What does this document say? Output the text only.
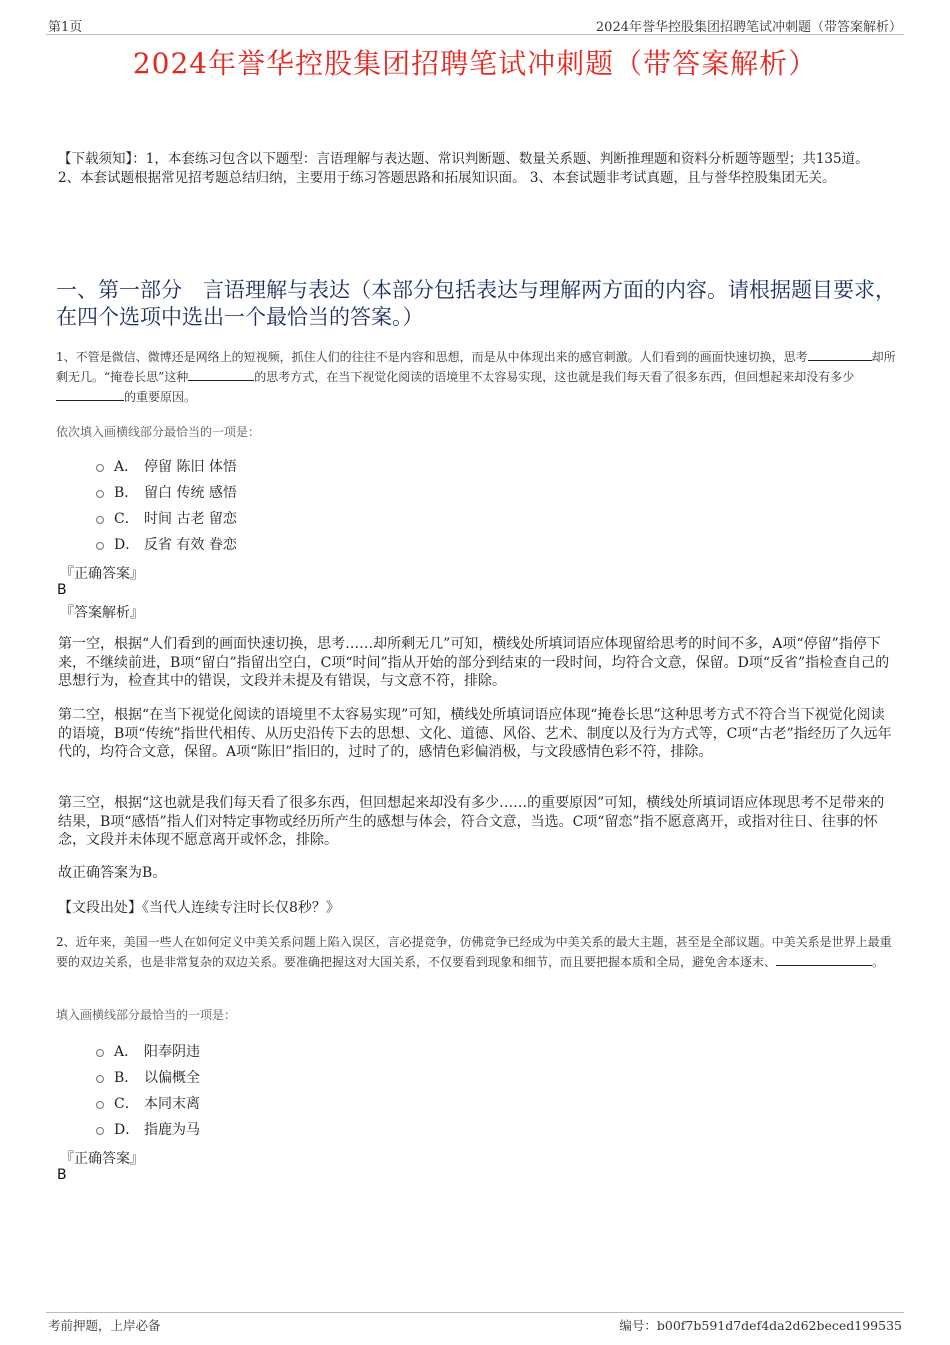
第1页	2024年誉华控股集团招聘笔试冲刺题（带答案解析）
2024年誉华控股集团招聘笔试冲刺题（带答案解析）
【下载须知】：1，本套练习包含以下题型：言语理解与表达题、常识判断题、数量关系题、判断推理题和资料分析题等题型；共135道。 2、本套试题根据常见招考题总结归纳，主要用于练习答题思路和拓展知识面。 3、本套试题非考试真题，且与誉华控股集团无关。
一、第一部分　言语理解与表达（本部分包括表达与理解两方面的内容。请根据题目要求，在四个选项中选出一个最恰当的答案。）
1、不管是微信、微博还是网络上的短视频，抓住人们的往往不是内容和思想，而是从中体现出来的感官刺激。人们看到的画面快速切换，思考	却所剩无几。“掩卷长思”这种	的思考方式，在当下视觉化阅读的语境里不太容易实现，这也就是我们每天看了很多东西，但回想起来却没有多少的重要原因。
依次填入画横线部分最恰当的一项是：
A． 停留 陈旧 体悟
B． 留白 传统 感悟
C． 时间 古老 留恋
D． 反省 有效 眷恋
『正确答案』
B
『答案解析』
第一空，根据“人们看到的画面快速切换，思考……却所剩无几”可知，横线处所填词语应体现留给思考的时间不多，A项“停留”指停下来，不继续前进，B项“留白”指留出空白，C项“时间”指从开始的部分到结束的一段时间，均符合文意，保留。D项“反省”指检查自己的思想行为，检查其中的错误，文段并未提及有错误，与文意不符，排除。
第二空，根据“在当下视觉化阅读的语境里不太容易实现”可知，横线处所填词语应体现“掩卷长思”这种思考方式不符合当下视觉化阅读的语境，B项“传统”指世代相传、从历史沿传下去的思想、文化、道德、风俗、艺术、制度以及行为方式等，C项“古老”指经历了久远年代的，均符合文意，保留。A项“陈旧”指旧的，过时了的，感情色彩偏消极，与文段感情色彩不符，排除。
第三空，根据“这也就是我们每天看了很多东西，但回想起来却没有多少……的重要原因”可知，横线处所填词语应体现思考不足带来的结果，B项“感悟”指人们对特定事物或经历所产生的感想与体会，符合文意，当选。C项“留恋”指不愿意离开，或指对往日、往事的怀念，文段并未体现不愿意离开或怀念，排除。
故正确答案为B。
【文段出处】《当代人连续专注时长仅8秒？》
2、近年来，美国一些人在如何定义中美关系问题上陷入误区，言必提竞争，仿佛竞争已经成为中美关系的最大主题，甚至是全部议题。中美关系是世界上最重要的双边关系，也是非常复杂的双边关系。要准确把握这对大国关系，不仅要看到现象和细节，而且要把握本质和全局，避免舍本逐末、	。
填入画横线部分最恰当的一项是：
A． 阳奉阴违
B． 以偏概全
C． 本同末离
D． 指鹿为马
『正确答案』
B
考前押题，上岸必备	编号：b00f7b591d7def4da2d62beced199535
